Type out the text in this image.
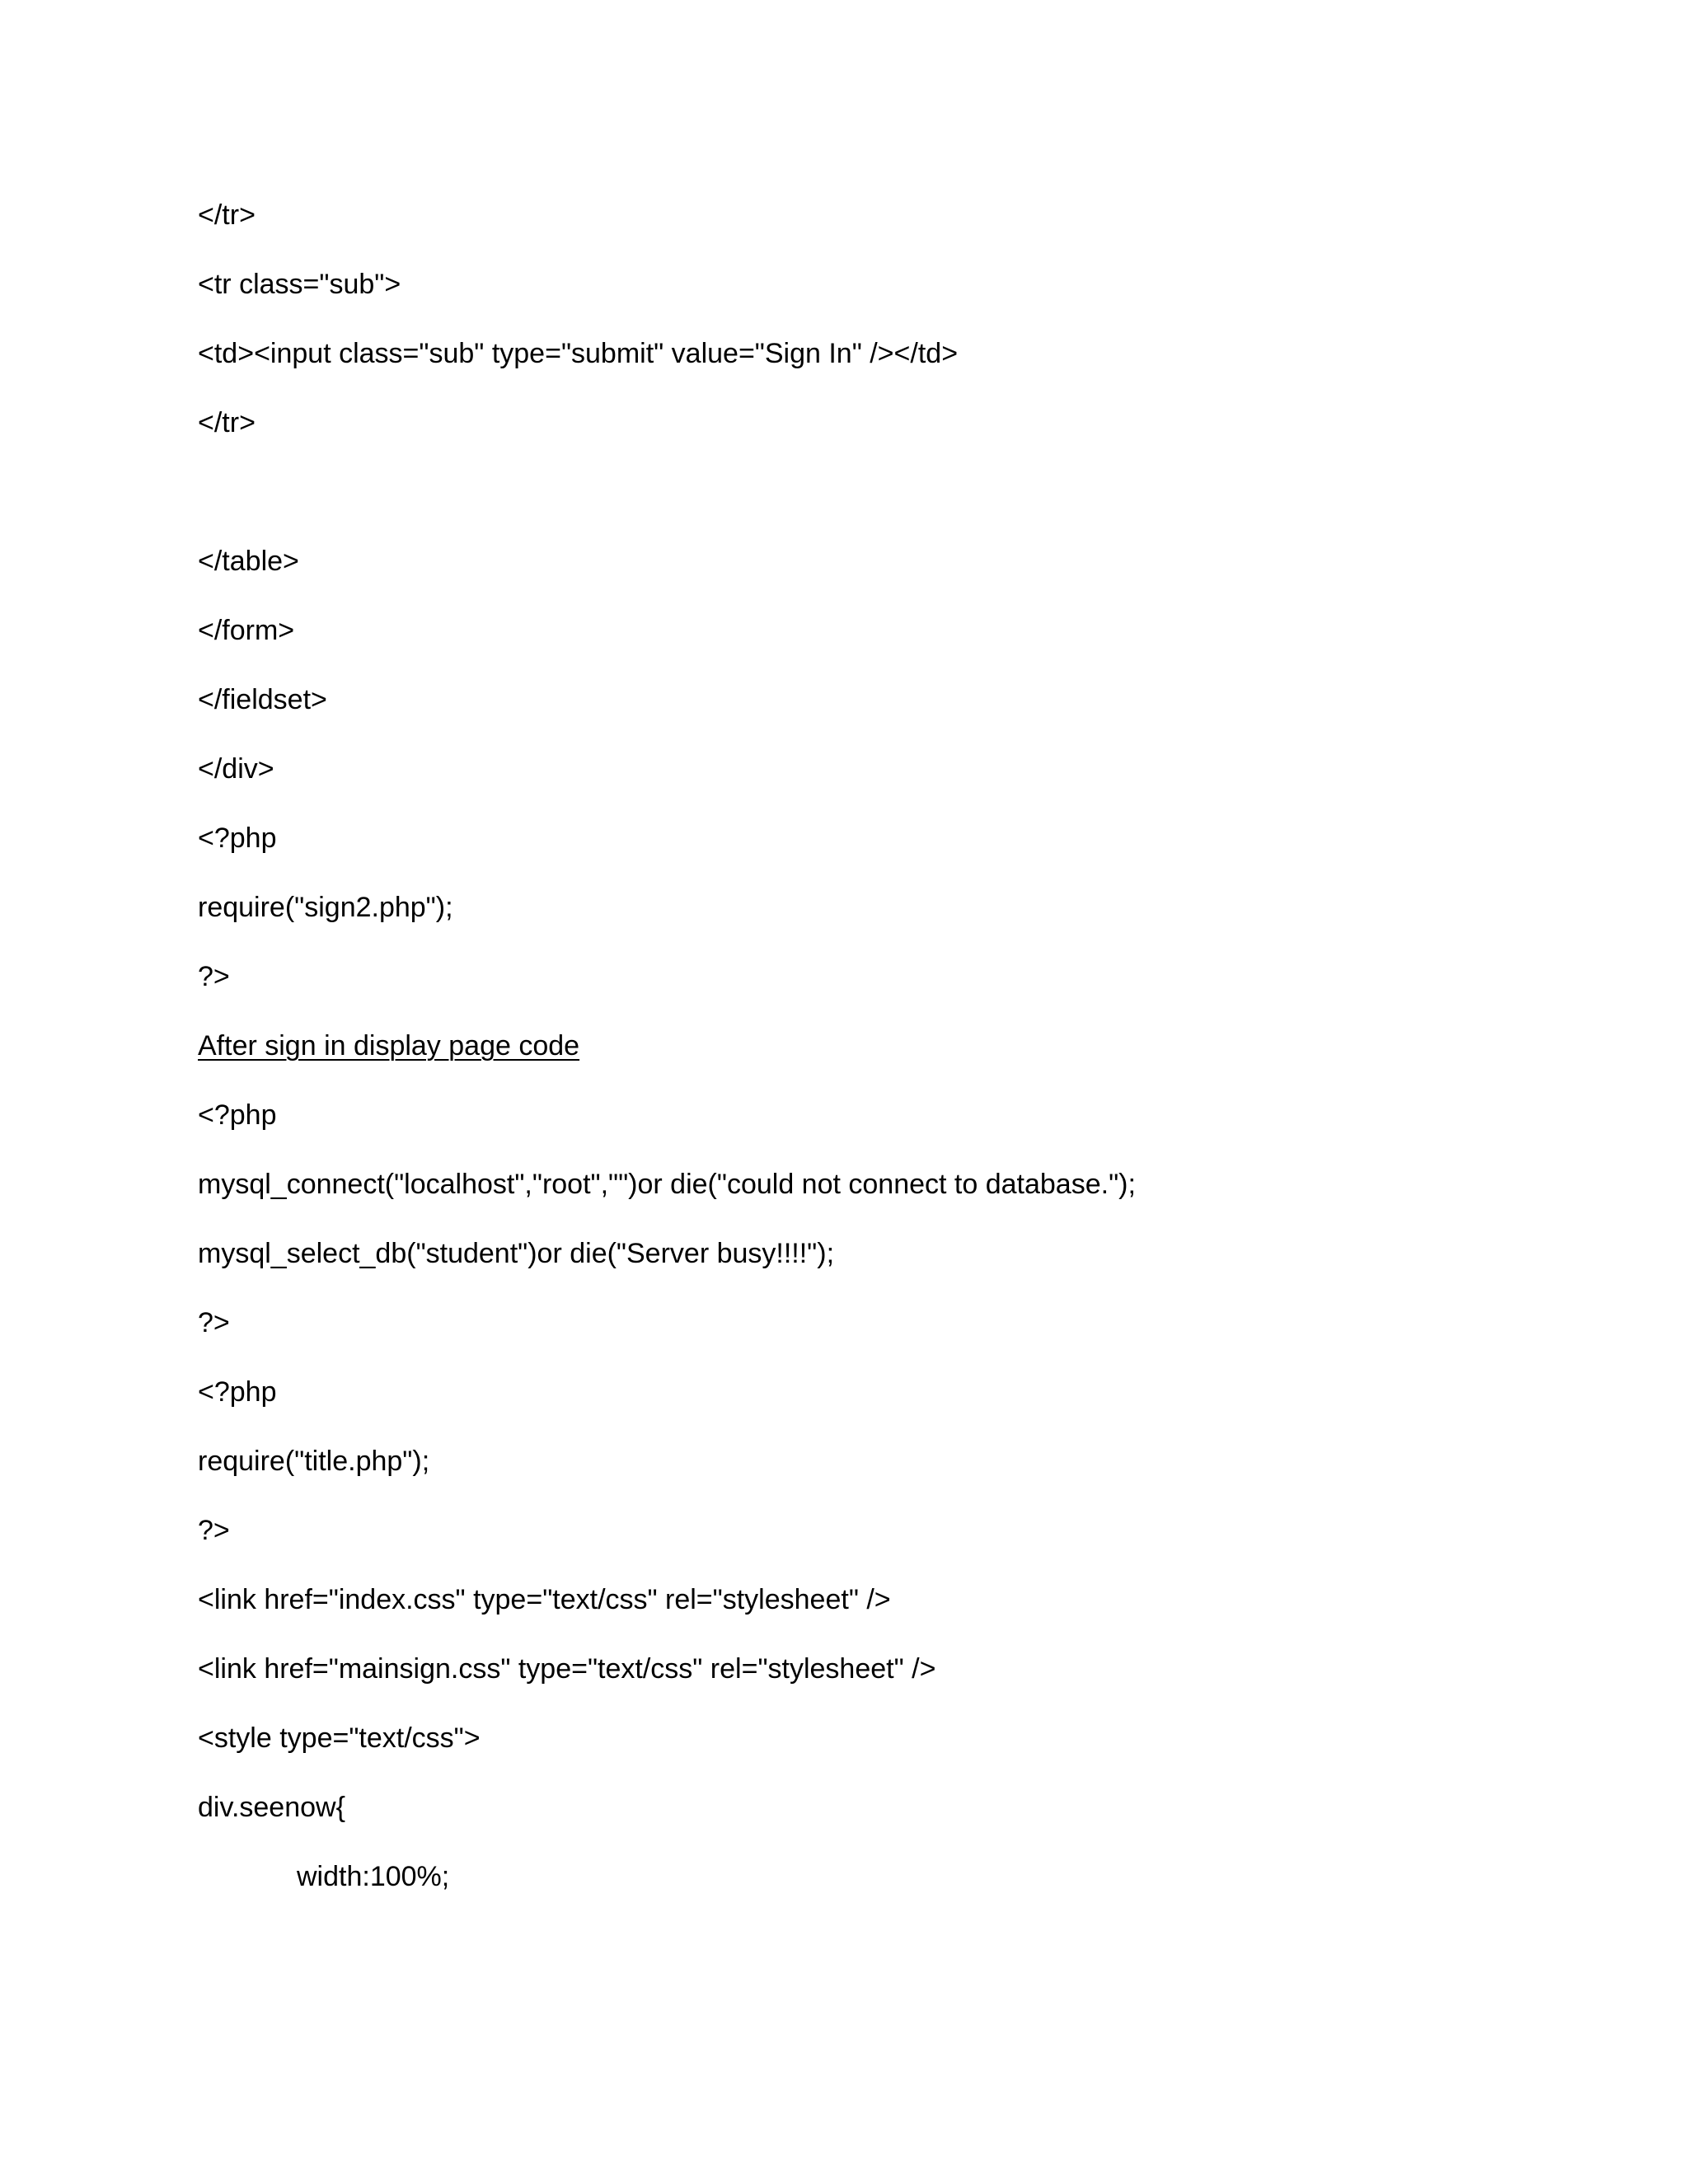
</tr>
<tr class="sub">
<td><input class="sub" type="submit" value="Sign In" /></td>
</tr>
</table>
</form>
</fieldset>
</div>
<?php
require("sign2.php");
?>
After sign in display page code
<?php
mysql_connect("localhost","root","")or die("could not connect to database.");
mysql_select_db("student")or die("Server busy!!!!");
?>
<?php
require("title.php");
?>
<link href="index.css" type="text/css" rel="stylesheet" />
<link href="mainsign.css" type="text/css" rel="stylesheet" />
<style type="text/css">
div.seenow{
width:100%;
